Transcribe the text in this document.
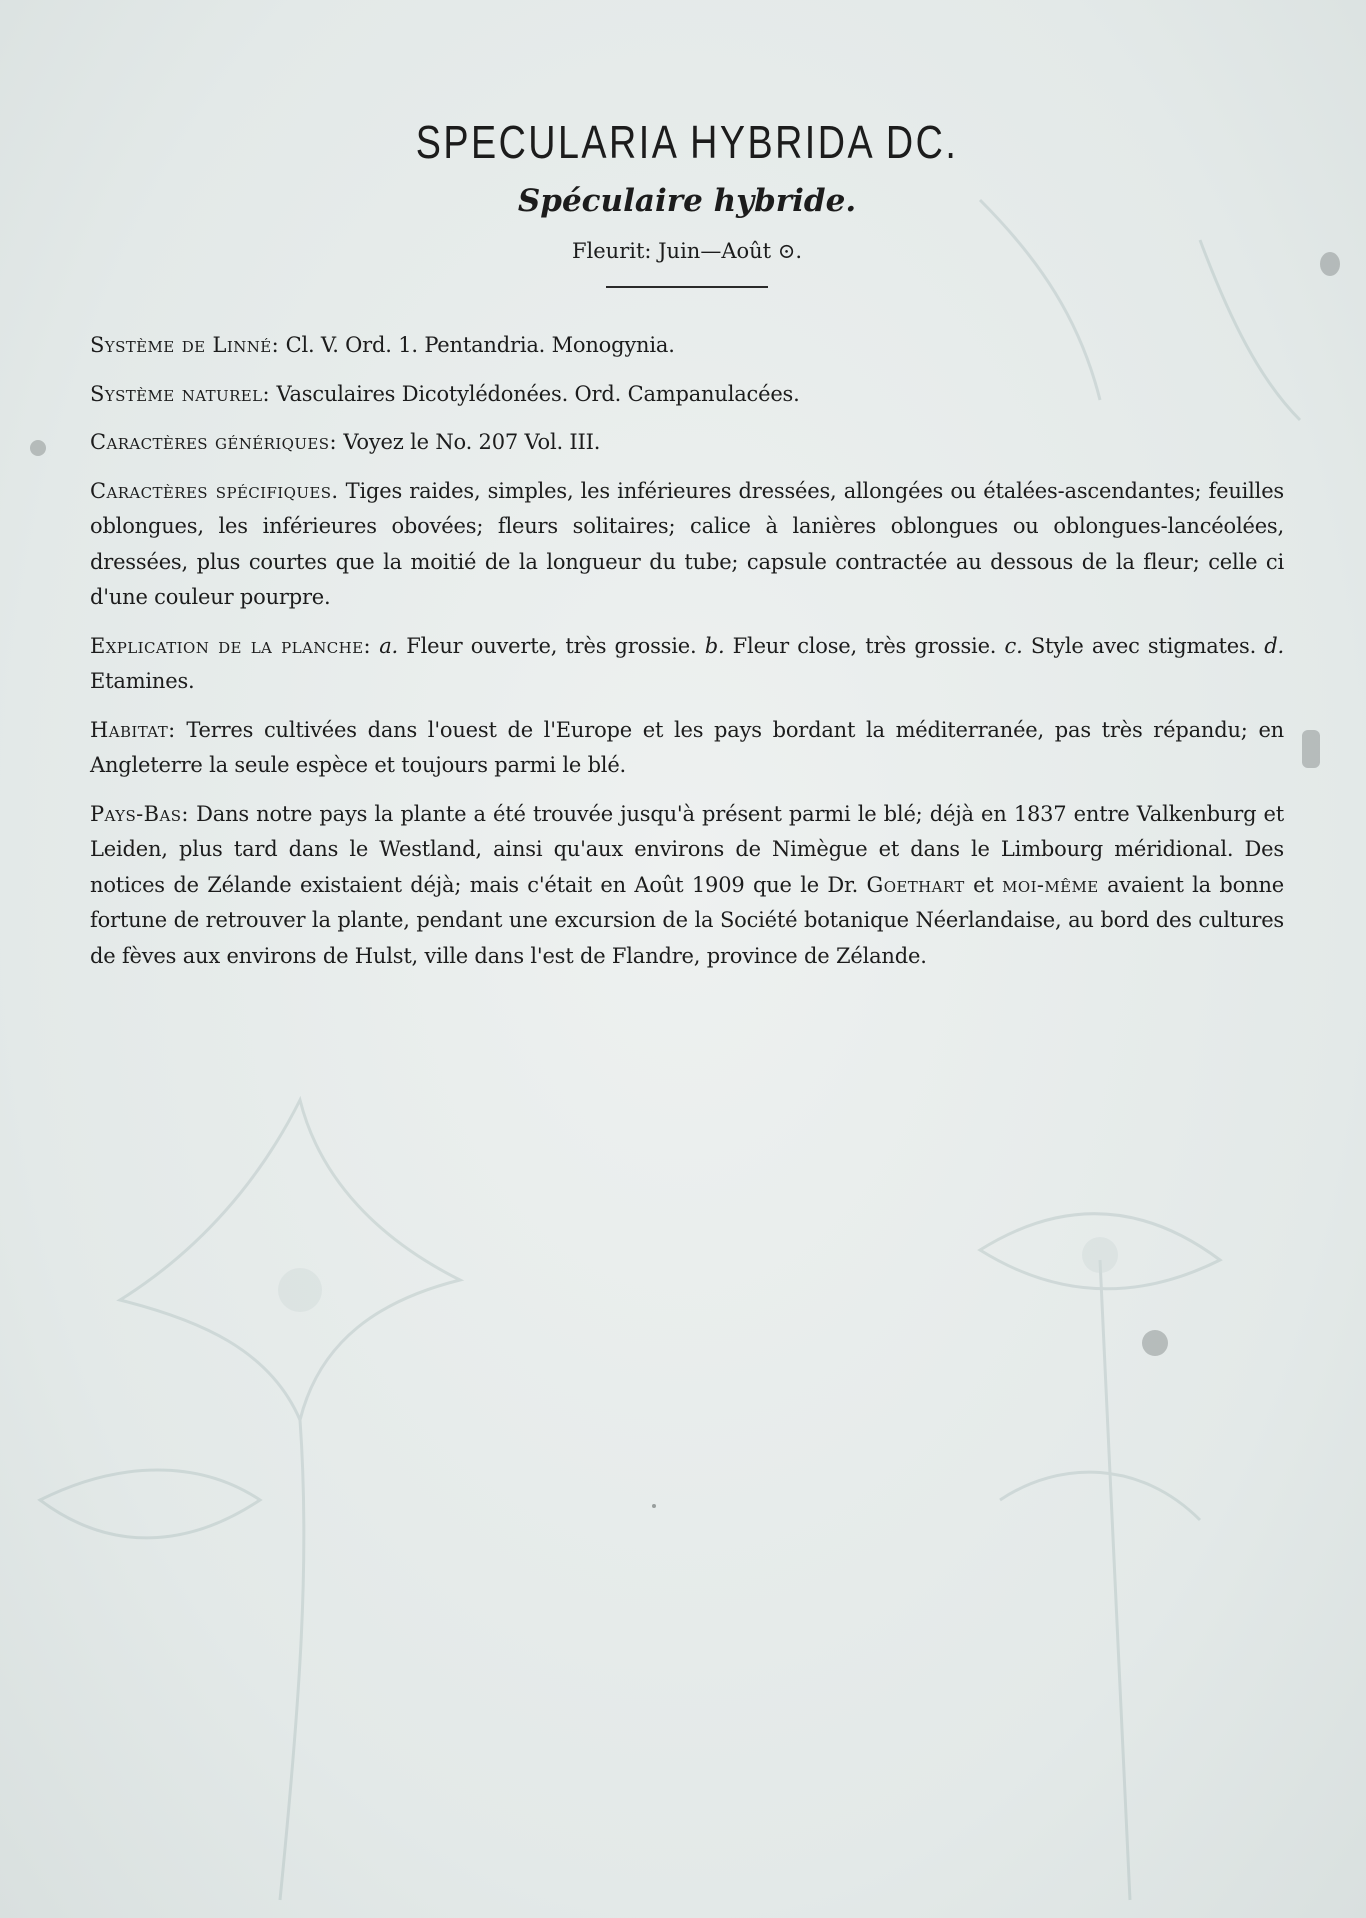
SPECULARIA HYBRIDA DC.
Spéculaire hybride.
Fleurit: Juin—Août ⊙.

Système de Linné: Cl. V. Ord. 1. Pentandria. Monogynia.

Système naturel: Vasculaires Dicotylédonées. Ord. Campanulacées.

Caractères génériques: Voyez le No. 207 Vol. III.

Caractères spécifiques. Tiges raides, simples, les inférieures dressées, allongées ou étalées-ascendantes; feuilles oblongues, les inférieures obovées; fleurs solitaires; calice à lanières oblongues ou oblongues-lancéolées, dressées, plus courtes que la moitié de la longueur du tube; capsule contractée au dessous de la fleur; celle ci d'une couleur pourpre.

Explication de la planche: a. Fleur ouverte, très grossie. b. Fleur close, très grossie. c. Style avec stigmates. d. Etamines.

Habitat: Terres cultivées dans l'ouest de l'Europe et les pays bordant la méditerranée, pas très répandu; en Angleterre la seule espèce et toujours parmi le blé.

Pays-Bas: Dans notre pays la plante a été trouvée jusqu'à présent parmi le blé; déjà en 1837 entre Valkenburg et Leiden, plus tard dans le Westland, ainsi qu'aux environs de Nimègue et dans le Limbourg méridional. Des notices de Zélande existaient déjà; mais c'était en Août 1909 que le Dr. Goethart et moi-même avaient la bonne fortune de retrouver la plante, pendant une excursion de la Société botanique Néerlandaise, au bord des cultures de fèves aux environs de Hulst, ville dans l'est de Flandre, province de Zélande.
